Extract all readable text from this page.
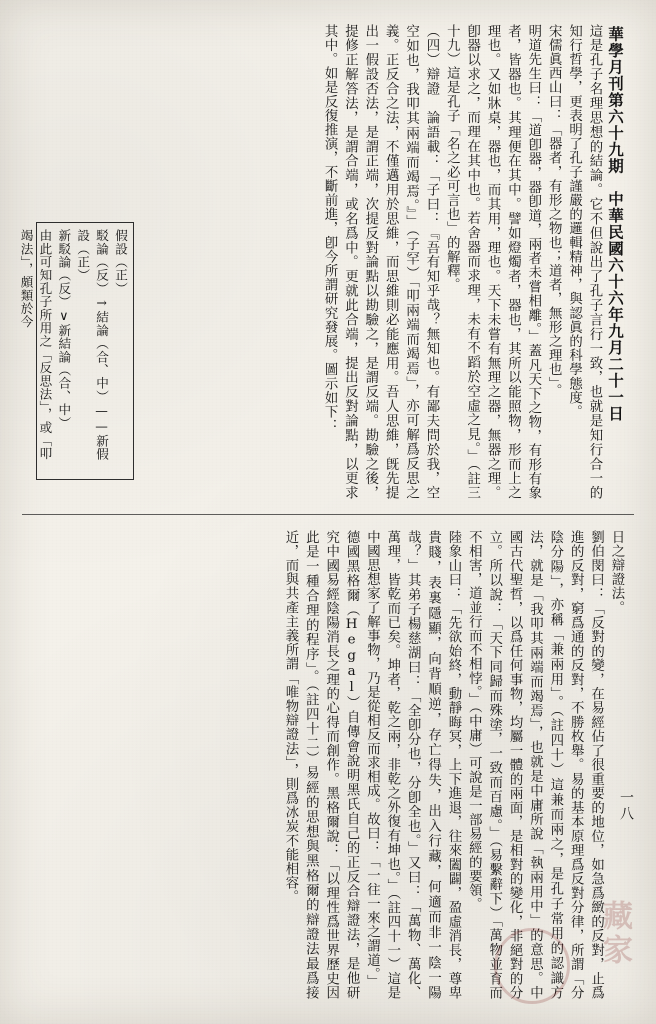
華學月刊第六十九期　中華民國六十六年九月二十一日
這是孔子名理思想的結論。它不但說出了孔子言行一致，也就是知行合一的知行哲學，更表明了孔子謹嚴的邏輯精神，與認眞的科學態度。 宋儒眞西山曰：「器者，有形之物也；道者，無形之理也」。 明道先生曰：「道卽器，器卽道，兩者未嘗相離。」蓋凡天下之物，有形有象者，皆器也。其理便在其中。譬如燈燭者，器也，其所以能照物，形而上之理也。又如牀桌，器也，而其用，理也。天下未嘗有無理之器，無器之理。卽器以求之，而理在其中也。若舍器而求理，未有不蹈於空虛之見。」（註三十九）這是孔子「名之必可言也」的解釋。 （四）辯證　論語載：「子曰：『吾有知乎哉？無知也。有鄙夫問於我，空空如也，我叩其兩端而竭焉。』」（子罕）「叩兩端而竭焉」，亦可解爲反思之義。正反合之法，不僅邁用於思維，而思維則必能應用。吾人思維，旣先提出一假設否法，是謂正端，次提反對論點以勘驗之，是謂反端。勘驗之後，提修正解答法，是謂合端，或名爲中。更就此合端，提出反對論點，以更求其中。如是反復推演，不斷前進，卽今所謂研究發展。圖示如下：
假設（正）
駁論（反）→結論（合、中）——新假設（正）
新駁論（反）∨新結論（合、中）
由此可知孔子所用之「反思法」，或「叩竭法」，頗類於今
日之辯證法。 劉伯閔曰：「反對的變，在易經佔了很重要的地位，如急爲緻的反對，止爲進的反對，窮爲通的反對，不勝枚舉。易的基本原理爲反對分律，所謂「分陰分陽」，亦稱「兼兩用」。（註四十）這兼而兩之，是孔子常用的認識方法，就是「我叩其兩端而竭焉」，也就是中庸所說「執兩用中」的意思。中國古代聖哲，以爲任何事物，均屬一體的兩面，是相對的變化，非絕對的分立。所以說：「天下同歸而殊塗，一致而百慮。」（易繫辭下）「萬物並育而不相害，道並行而不相悖。」（中庸）可說是一部易經的要領。 陸象山曰：「先欲始終，動靜晦冥，上下進退，往來闔闢，盈虛消長，尊卑貴賤，表裏隱顯，向背順逆，存亡得失，出入行藏，何適而非一陰一陽哉？」其弟子楊慈湖曰：「全卽分也，分卽全也。」又曰：「萬物、萬化、萬理，皆乾而已矣。坤者，乾之兩，非乾之外復有坤也。」（註四十一）這是中國思想家了解事物，乃是從相反而求相成。故曰：「一往一來之謂道。」 德國黑格爾（Hegal）自傳會說明黑氏自己的正反合辯證法，是他研究中國易經陰陽消長之理的心得而創作。黑格爾說：「以理性爲世界歷史因此是一種合理的程序」。（註四十二）易經的思想與黑格爾的辯證法最爲接近，而與共產主義所謂「唯物辯證法」，則爲冰炭不能相容。	一八
藏家
